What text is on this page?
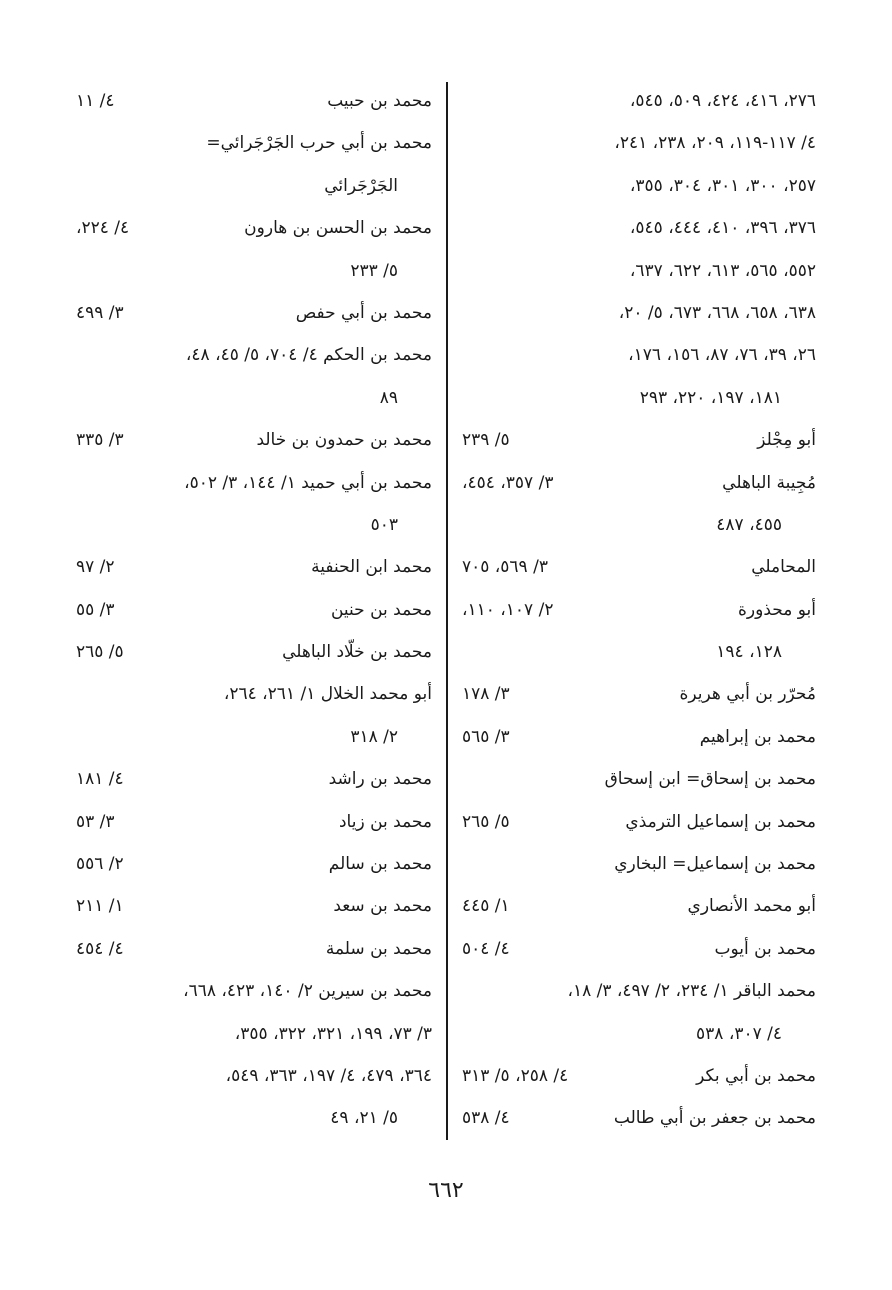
٢٧٦، ٤١٦، ٤٢٤، ٥٠٩، ٥٤٥،
٤/ ١١٧-١١٩، ٢٠٩، ٢٣٨، ٢٤١،
٢٥٧، ٣٠٠، ٣٠١، ٣٠٤، ٣٥٥،
٣٧٦، ٣٩٦، ٤١٠، ٤٤٤، ٥٤٥،
٥٥٢، ٥٦٥، ٦١٣، ٦٢٢، ٦٣٧،
٦٣٨، ٦٥٨، ٦٦٨، ٦٧٣، ٥/ ٢٠،
٢٦، ٣٩، ٧٦، ٨٧، ١٥٦، ١٧٦،
١٨١، ١٩٧، ٢٢٠، ٢٩٣
أبو مِجْلز
٥/ ٢٣٩
مُجِيبة الباهلي
٣/ ٣٥٧، ٤٥٤،
٤٥٥، ٤٨٧
المحاملي
٣/ ٥٦٩، ٧٠٥
أبو محذورة
٢/ ١٠٧، ١١٠،
١٢٨، ١٩٤
مُحرّر بن أبي هريرة
٣/ ١٧٨
محمد بن إبراهيم
٣/ ٥٦٥
محمد بن إسحاق= ابن إسحاق
محمد بن إسماعيل الترمذي
٥/ ٢٦٥
محمد بن إسماعيل= البخاري
أبو محمد الأنصاري
١/ ٤٤٥
محمد بن أيوب
٤/ ٥٠٤
محمد الباقر ١/ ٢٣٤، ٢/ ٤٩٧، ٣/ ١٨،
٤/ ٣٠٧، ٥٣٨
محمد بن أبي بكر
٤/ ٢٥٨، ٥/ ٣١٣
محمد بن جعفر بن أبي طالب
٤/ ٥٣٨
محمد بن حبيب
٤/ ١١
محمد بن أبي حرب الجَرْجَرائي=
الجَرْجَرائي
محمد بن الحسن بن هارون
٤/ ٢٢٤،
٥/ ٢٣٣
محمد بن أبي حفص
٣/ ٤٩٩
محمد بن الحكم ٤/ ٧٠٤، ٥/ ٤٥، ٤٨،
٨٩
محمد بن حمدون بن خالد
٣/ ٣٣٥
محمد بن أبي حميد ١/ ١٤٤، ٣/ ٥٠٢،
٥٠٣
محمد ابن الحنفية
٢/ ٩٧
محمد بن حنين
٣/ ٥٥
محمد بن خلّاد الباهلي
٥/ ٢٦٥
أبو محمد الخلال ١/ ٢٦١، ٢٦٤،
٢/ ٣١٨
محمد بن راشد
٤/ ١٨١
محمد بن زياد
٣/ ٥٣
محمد بن سالم
٢/ ٥٥٦
محمد بن سعد
١/ ٢١١
محمد بن سلمة
٤/ ٤٥٤
محمد بن سيرين ٢/ ١٤٠، ٤٢٣، ٦٦٨،
٣/ ٧٣، ١٩٩، ٣٢١، ٣٢٢، ٣٥٥،
٣٦٤، ٤٧٩، ٤/ ١٩٧، ٣٦٣، ٥٤٩،
٥/ ٢١، ٤٩
٦٦٢
